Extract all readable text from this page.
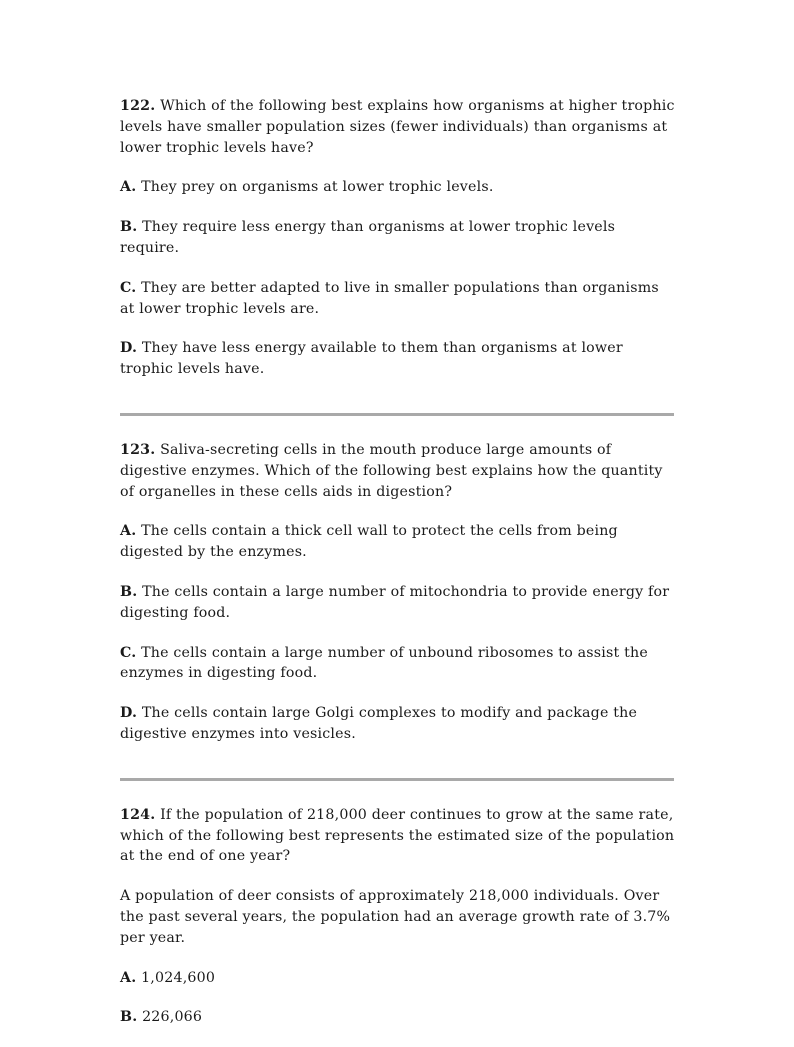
122. Which of the following best explains how organisms at higher trophic levels have smaller population sizes (fewer individuals) than organisms at lower trophic levels have?
A. They prey on organisms at lower trophic levels.
B. They require less energy than organisms at lower trophic levels require.
C. They are better adapted to live in smaller populations than organisms at lower trophic levels are.
D. They have less energy available to them than organisms at lower trophic levels have.
123. Saliva-secreting cells in the mouth produce large amounts of digestive enzymes. Which of the following best explains how the quantity of organelles in these cells aids in digestion?
A. The cells contain a thick cell wall to protect the cells from being digested by the enzymes.
B. The cells contain a large number of mitochondria to provide energy for digesting food.
C. The cells contain a large number of unbound ribosomes to assist the enzymes in digesting food.
D. The cells contain large Golgi complexes to modify and package the digestive enzymes into vesicles.
124. If the population of 218,000 deer continues to grow at the same rate, which of the following best represents the estimated size of the population at the end of one year?
A population of deer consists of approximately 218,000 individuals. Over the past several years, the population had an average growth rate of 3.7% per year.
A. 1,024,600
B. 226,066
